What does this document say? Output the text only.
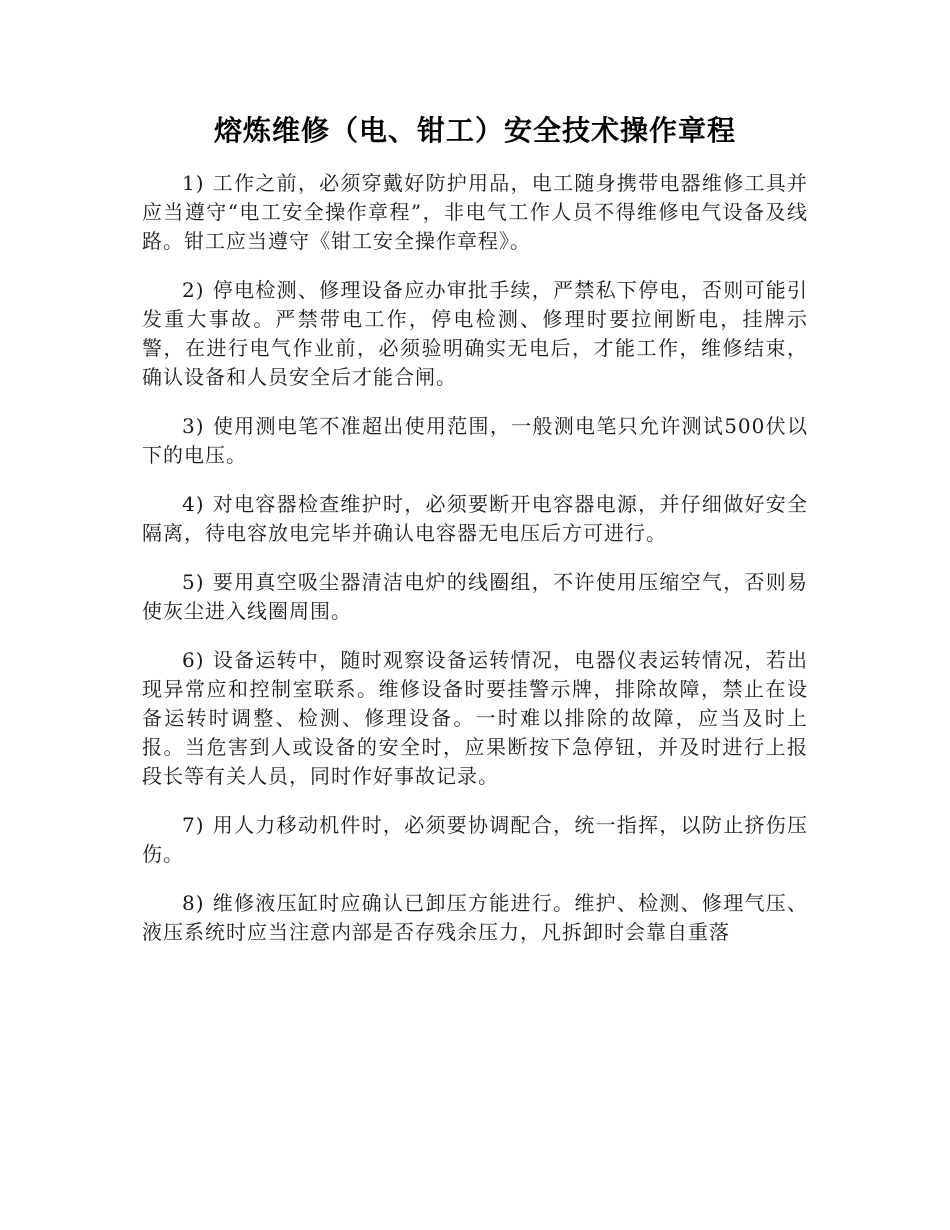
熔炼维修（电、钳工）安全技术操作章程

1) 工作之前，必须穿戴好防护用品，电工随身携带电器维修工具并应当遵守“电工安全操作章程”，非电气工作人员不得维修电气设备及线路。钳工应当遵守《钳工安全操作章程》。

2) 停电检测、修理设备应办审批手续，严禁私下停电，否则可能引发重大事故。严禁带电工作，停电检测、修理时要拉闸断电，挂牌示警，在进行电气作业前，必须验明确实无电后，才能工作，维修结束，确认设备和人员安全后才能合闸。

3) 使用测电笔不准超出使用范围，一般测电笔只允许测试500伏以下的电压。

4) 对电容器检查维护时，必须要断开电容器电源，并仔细做好安全隔离，待电容放电完毕并确认电容器无电压后方可进行。

5) 要用真空吸尘器清洁电炉的线圈组，不许使用压缩空气，否则易使灰尘进入线圈周围。

6) 设备运转中，随时观察设备运转情况，电器仪表运转情况，若出现异常应和控制室联系。维修设备时要挂警示牌，排除故障，禁止在设备运转时调整、检测、修理设备。一时难以排除的故障，应当及时上报。当危害到人或设备的安全时，应果断按下急停钮，并及时进行上报段长等有关人员，同时作好事故记录。

7) 用人力移动机件时，必须要协调配合，统一指挥，以防止挤伤压伤。

8) 维修液压缸时应确认已卸压方能进行。维护、检测、修理气压、液压系统时应当注意内部是否存残余压力，凡拆卸时会靠自重落
